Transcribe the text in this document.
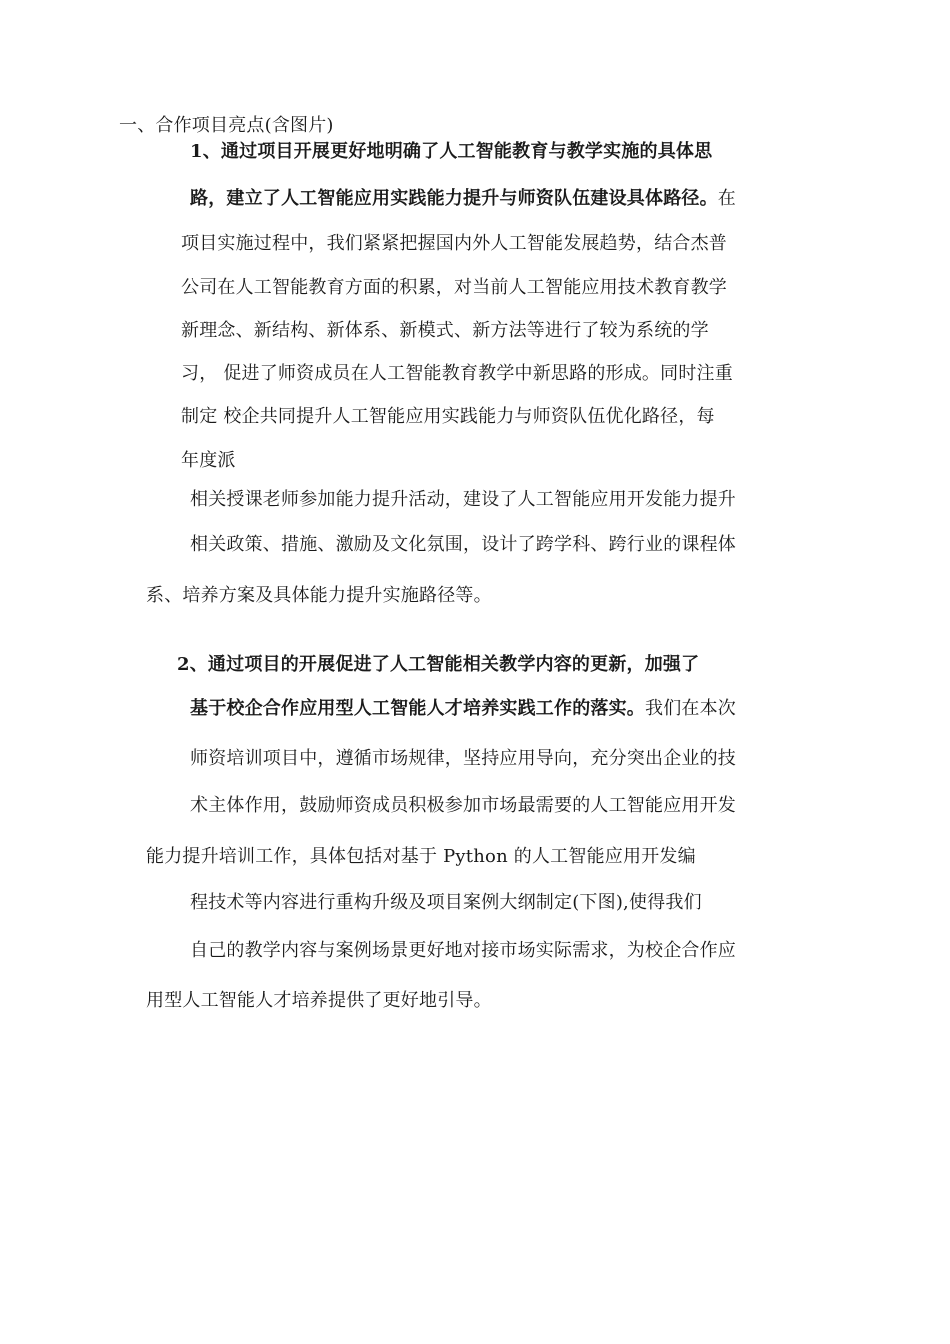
一、合作项目亮点(含图片)
1、通过项目开展更好地明确了人工智能教育与教学实施的具体思
路，建立了人工智能应用实践能力提升与师资队伍建设具体路径。在
项目实施过程中，我们紧紧把握国内外人工智能发展趋势，结合杰普
公司在人工智能教育方面的积累，对当前人工智能应用技术教育教学
新理念、新结构、新体系、新模式、新方法等进行了较为系统的学
习， 促进了师资成员在人工智能教育教学中新思路的形成。同时注重
制定 校企共同提升人工智能应用实践能力与师资队伍优化路径，每
年度派
相关授课老师参加能力提升活动，建设了人工智能应用开发能力提升
相关政策、措施、激励及文化氛围，设计了跨学科、跨行业的课程体
系、培养方案及具体能力提升实施路径等。
2、通过项目的开展促进了人工智能相关教学内容的更新，加强了
基于校企合作应用型人工智能人才培养实践工作的落实。我们在本次
师资培训项目中，遵循市场规律，坚持应用导向，充分突出企业的技
术主体作用，鼓励师资成员积极参加市场最需要的人工智能应用开发
能力提升培训工作，具体包括对基于 Python 的人工智能应用开发编
程技术等内容进行重构升级及项目案例大纲制定(下图),使得我们
自己的教学内容与案例场景更好地对接市场实际需求，为校企合作应
用型人工智能人才培养提供了更好地引导。
